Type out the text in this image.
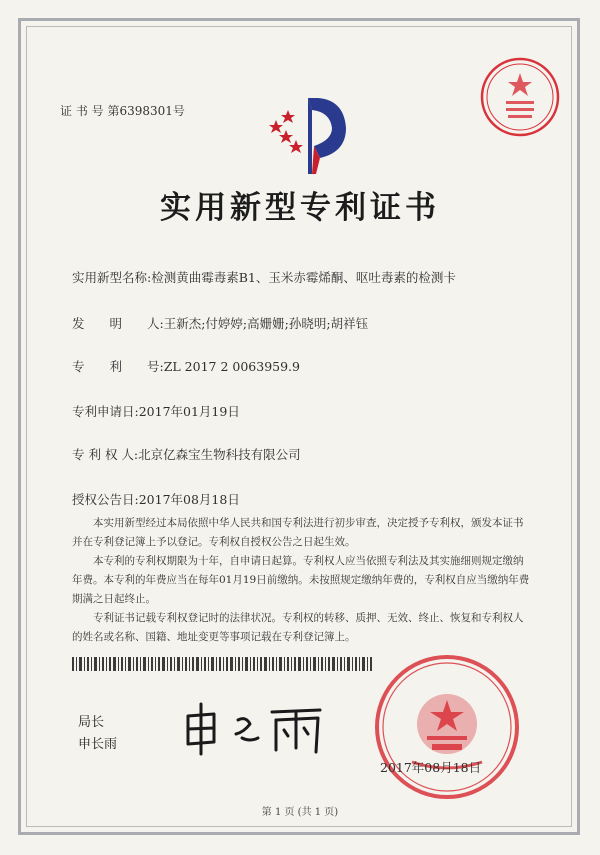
证 书 号 第6398301号
实用新型专利证书
实用新型名称:检测黄曲霉毒素B1、玉米赤霉烯酮、呕吐毒素的检测卡
发　　明　　人:王新杰;付婷婷;高姗姗;孙晓明;胡祥钰
专　　利　　号:ZL 2017 2 0063959.9
专利申请日:2017年01月19日
专 利 权 人:北京亿森宝生物科技有限公司
授权公告日:2017年08月18日

本实用新型经过本局依照中华人民共和国专利法进行初步审查，决定授予专利权，颁发本证书并在专利登记簿上予以登记。专利权自授权公告之日起生效。

本专利的专利权期限为十年，自申请日起算。专利权人应当依照专利法及其实施细则规定缴纳年费。本专利的年费应当在每年01月19日前缴纳。未按照规定缴纳年费的，专利权自应当缴纳年费期满之日起终止。

专利证书记载专利权登记时的法律状况。专利权的转移、质押、无效、终止、恢复和专利权人的姓名或名称、国籍、地址变更等事项记载在专利登记簿上。

局长
申长雨
2017年08月18日
第 1 页 (共 1 页)
